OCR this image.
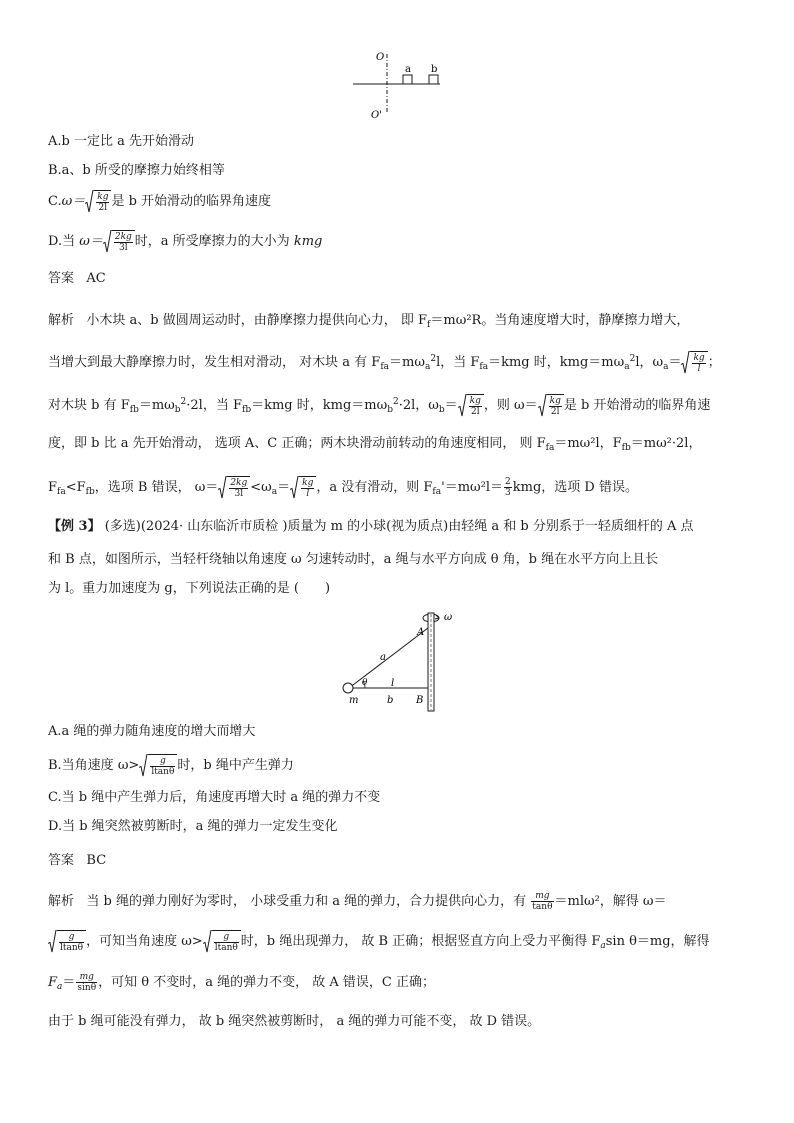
O
O'
a b
A.b 一定比 a 先开始滑动
B.a、b 所受的摩擦力始终相等
$C.\omega= \frac{kg}{2l}$ 是 b 开始滑动的临界角速度
D.当 $\omega= \frac{2kg}{3l}$ 时，a 所受摩擦力的大小为 kmg
答案 AC
解析 小木块 a、b 做圆周运动时，由静摩擦力提供向心力， 即 $F_f=m\omega^2R$。当角速度增大时，静摩擦力增大，
当增大到最大静摩擦力时，发生相对滑动， 对木块 a 有 $F_{fa}=m\omega_a^2l$，当 $F_{fa}=kmg$ 时，$kmg=m\omega_a^2l$，$\omega_a= \frac{kg}{l}$ ；
对木块 b 有 $F_{fb}=m\omega_b^2\cdot 2l$，当 $F_{fb}=kmg$ 时，$kmg=m\omega_b^2\cdot 2l$，$\omega_b= \frac{kg}{2l}$ ，则 $\omega= \frac{kg}{2l}$ 是 b 开始滑动的临界角速
度，即 b 比 a 先开始滑动， 选项 A、C 正确；两木块滑动前转动的角速度相同， 则 $F_{fa}=m\omega^2l$，$F_{fb}=m\omega^2\cdot 2l$，
$F_{fa}<F_{fb}$，选项 B 错误， $\omega= \frac{2kg}{3l} <\omega_a= \frac{kg}{l}$ ，a 没有滑动，则 $F_{fa}'=m\omega^2l= \frac{2}{3}$ kmg，选项 D 错误。
【例 3】 (多选)(2024· 山东临沂市质检 )质量为 m 的小球(视为质点)由轻绳 a 和 b 分别系于一轻质细杆的 A 点
和 B 点，如图所示，当轻杆绕轴以角速度 ω 匀速转动时，a 绳与水平方向成 θ 角，b 绳在水平方向上且长
为 l。重力加速度为 g，下列说法正确的是 (　　)
ω
A
B
a
l
θ
b
m
A.a 绳的弹力随角速度的增大而增大
B.当角速度 $\omega> \frac{g}{ltan\theta}$ 时，b 绳中产生弹力
C.当 b 绳中产生弹力后，角速度再增大时 a 绳的弹力不变
D.当 b 绳突然被剪断时，a 绳的弹力一定发生变化
答案 BC
解析 当 b 绳的弹力刚好为零时， 小球受重力和 a 绳的弹力，合力提供向心力，有 $\frac{mg}{\tan\theta} =ml\omega^2$，解得 ω＝
$\frac{g}{ltan\theta}$ ，可知当角速度 $\omega> \frac{g}{ltan\theta}$ 时，b 绳出现弹力， 故 B 正确；根据竖直方向上受力平衡得 $F_a\sin$ θ＝mg，解得
$F_a= \frac{mg}{\sin\theta}$ ，可知 θ 不变时，a 绳的弹力不变， 故 A 错误，C 正确；
由于 b 绳可能没有弹力， 故 b 绳突然被剪断时， a 绳的弹力可能不变， 故 D 错误。
